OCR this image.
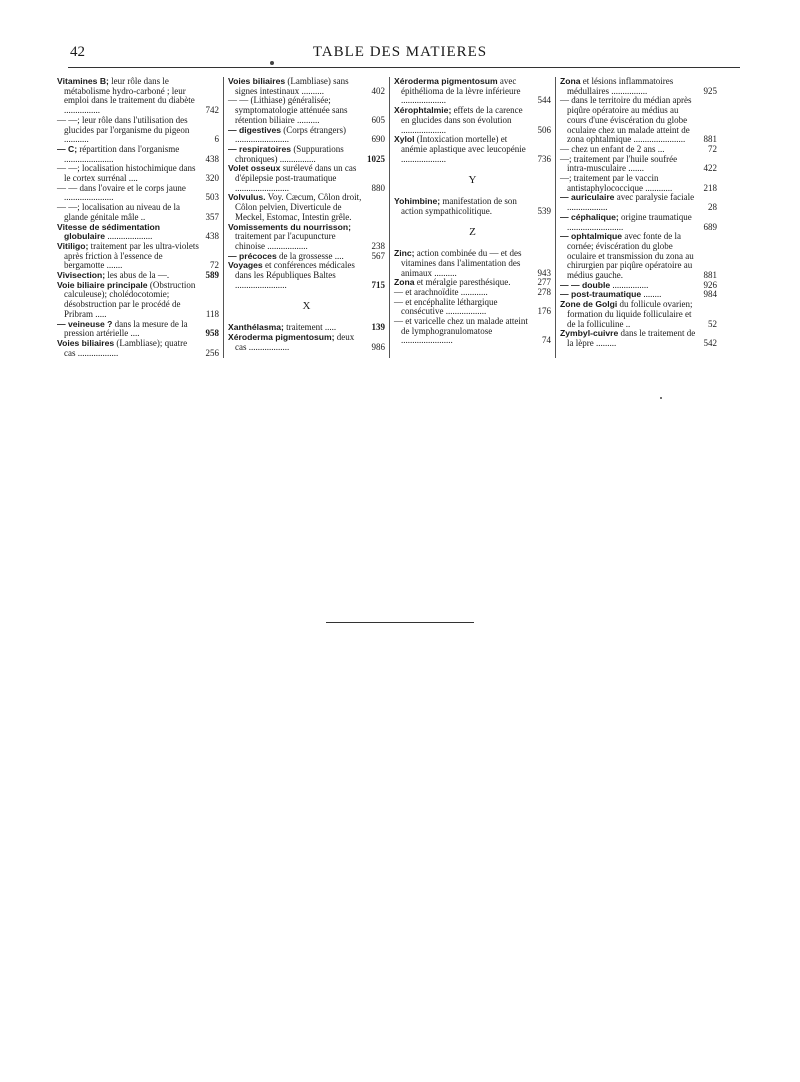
42	TABLE DES MATIERES
Vitamines B; leur rôle dans le métabolisme hydro-carboné ; leur emploi dans le traitement du diabète ................	742
— —; leur rôle dans l'utilisation des glucides par l'organisme du pigeon ...........	6
— C; répartition dans l'organisme ......................	438
— —; localisation histochimique dans le cortex surrénal ....	320
— — dans l'ovaire et le corps jaune ......................	503
— —; localisation au niveau de la glande génitale mâle ..	357
Vitesse de sédimentation globulaire ....................	438
Vitiligo; traitement par les ultra-violets après friction à l'essence de bergamotte .......	72
Vivisection; les abus de la —.	589
Voie biliaire principale (Obstruction calculeuse); cholédocotomie; désobstruction par le procédé de Pribram .....	118
— veineuse ? dans la mesure de la pression artérielle ....	958
Voies biliaires (Lambliase); quatre cas ..................	256
Voies biliaires (Lambliase) sans signes intestinaux ..........	402
— — (Lithiase) généralisée; symptomatologie atténuée sans rétention biliaire ..........	605
— digestives (Corps étrangers) ........................	690
— respiratoires (Suppurations chroniques) ................	1025
Volet osseux surélevé dans un cas d'épilepsie post-traumatique ........................	880
Volvulus. Voy. Cæcum, Côlon droit, Côlon pelvien, Diverticule de Meckel, Estomac, Intestin grêle.
Vomissements du nourrisson; traitement par l'acupuncture chinoise ..................	238
— précoces de la grossesse ....	567
Voyages et conférences médicales dans les Républiques Baltes .......................	715
X
Xanthélasma; traitement .....	139
Xéroderma pigmentosum; deux cas ..................	986
Xéroderma pigmentosum avec épithélioma de la lèvre inférieure ....................	544
Xérophtalmie; effets de la carence en glucides dans son évolution ....................	506
Xylol (Intoxication mortelle) et anémie aplastique avec leucopénie ....................	736
Y
Yohimbine; manifestation de son action sympathicolitique.	539
Z
Zinc; action combinée du — et des vitamines dans l'alimentation des animaux ..........	943
Zona et méralgie paresthésique.	277
— et arachnoïdite ............	278
— et encéphalite léthargique consécutive ..................	176
— et varicelle chez un malade atteint de lymphogranulomatose .......................	74
Zona et lésions inflammatoires médullaires ................	925
— dans le territoire du médian après piqûre opératoire au médius au cours d'une éviscération du globe oculaire chez un malade atteint de zona ophtalmique .......................	881
— chez un enfant de 2 ans ...	72
—; traitement par l'huile soufrée intra-musculaire .......	422
—; traitement par le vaccin antistaphylococcique ............	218
— auriculaire avec paralysie faciale ..................	28
— céphalique; origine traumatique .........................	689
— ophtalmique avec fonte de la cornée; éviscération du globe oculaire et transmission du zona au chirurgien par piqûre opératoire au médius gauche.	881
— — double ................	926
— post-traumatique ........	984
Zone de Golgi du follicule ovarien; formation du liquide folliculaire et de la folliculine ..	52
Zymbyl-cuivre dans le traitement de la lèpre .........	542
